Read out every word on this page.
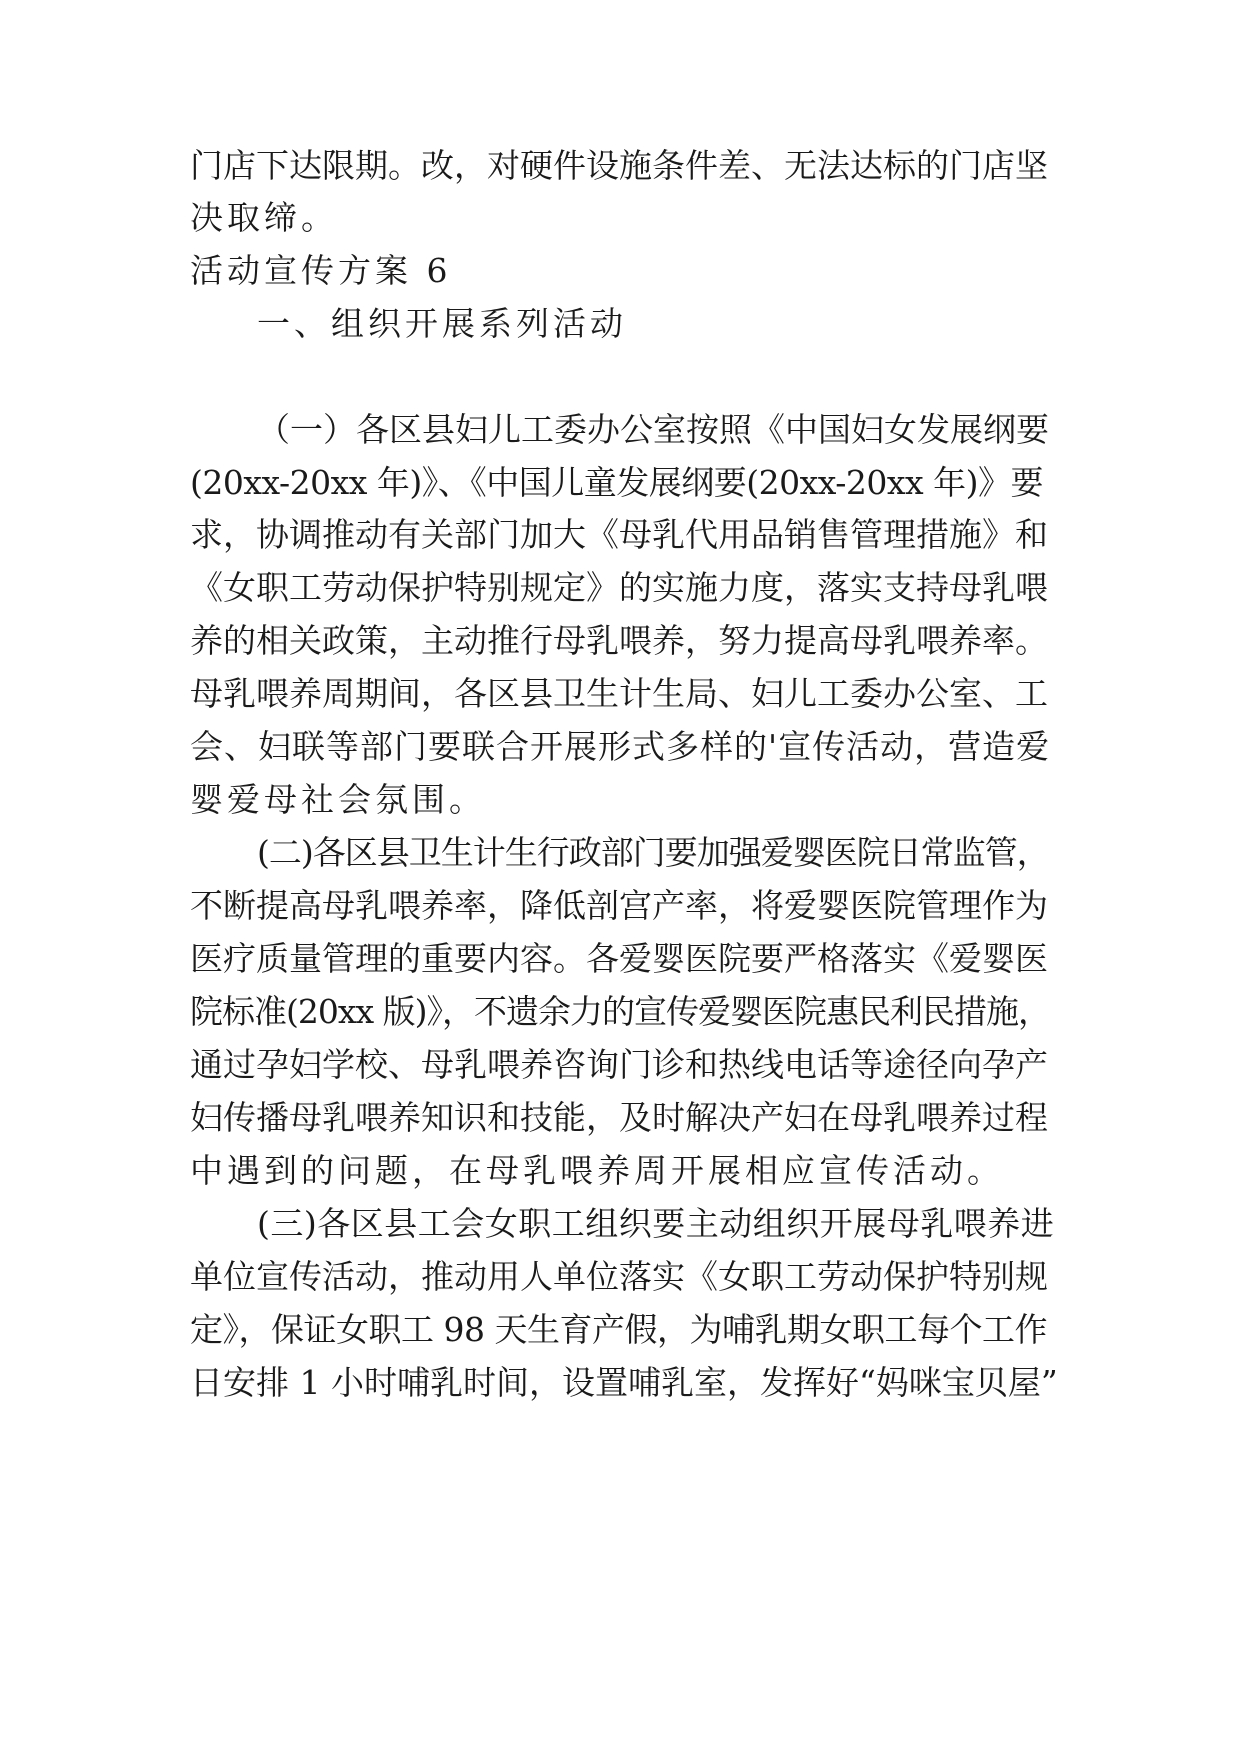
门店下达限期。改，对硬件设施条件差、无法达标的门店坚
决取缔。
活动宣传方案 6
一、组织开展系列活动
（一）各区县妇儿工委办公室按照《中国妇女发展纲要
(20xx-20xx 年)》、《中国儿童发展纲要(20xx-20xx 年)》要
求，协调推动有关部门加大《母乳代用品销售管理措施》和
《女职工劳动保护特别规定》的实施力度，落实支持母乳喂
养的相关政策，主动推行母乳喂养，努力提高母乳喂养率。
母乳喂养周期间，各区县卫生计生局、妇儿工委办公室、工
会、妇联等部门要联合开展形式多样的'宣传活动，营造爱
婴爱母社会氛围。
(二)各区县卫生计生行政部门要加强爱婴医院日常监管，
不断提高母乳喂养率，降低剖宫产率，将爱婴医院管理作为
医疗质量管理的重要内容。各爱婴医院要严格落实《爱婴医
院标准(20xx 版)》，不遗余力的宣传爱婴医院惠民利民措施，
通过孕妇学校、母乳喂养咨询门诊和热线电话等途径向孕产
妇传播母乳喂养知识和技能，及时解决产妇在母乳喂养过程
中遇到的问题，在母乳喂养周开展相应宣传活动。
(三)各区县工会女职工组织要主动组织开展母乳喂养进
单位宣传活动，推动用人单位落实《女职工劳动保护特别规
定》，保证女职工 98 天生育产假，为哺乳期女职工每个工作
日安排 1 小时哺乳时间，设置哺乳室，发挥好“妈咪宝贝屋”
